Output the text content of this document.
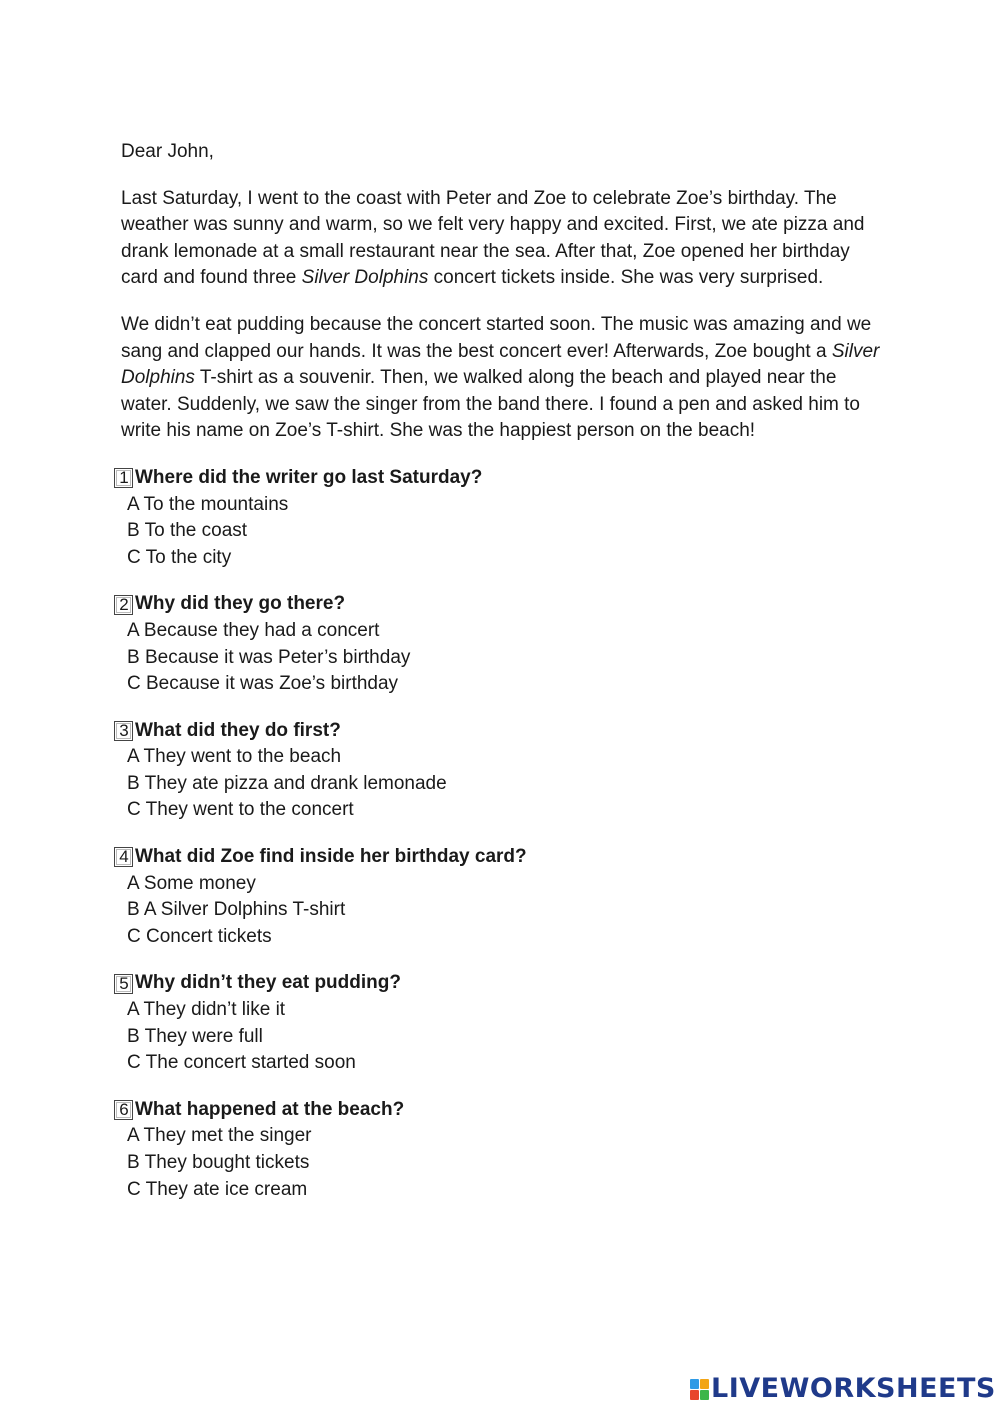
Dear John,

Last Saturday, I went to the coast with Peter and Zoe to celebrate Zoe’s birthday. The weather was sunny and warm, so we felt very happy and excited. First, we ate pizza and drank lemonade at a small restaurant near the sea. After that, Zoe opened her birthday card and found three Silver Dolphins concert tickets inside. She was very surprised.

We didn’t eat pudding because the concert started soon. The music was amazing and we sang and clapped our hands. It was the best concert ever! Afterwards, Zoe bought a Silver Dolphins T-shirt as a souvenir. Then, we walked along the beach and played near the water. Suddenly, we saw the singer from the band there. I found a pen and asked him to write his name on Zoe’s T-shirt. She was the happiest person on the beach!

1 Where did the writer go last Saturday?
A To the mountains
B To the coast
C To the city
2 Why did they go there?
A Because they had a concert
B Because it was Peter’s birthday
C Because it was Zoe’s birthday
3 What did they do first?
A They went to the beach
B They ate pizza and drank lemonade
C They went to the concert
4 What did Zoe find inside her birthday card?
A Some money
B A Silver Dolphins T-shirt
C Concert tickets
5 Why didn’t they eat pudding?
A They didn’t like it
B They were full
C The concert started soon
6 What happened at the beach?
A They met the singer
B They bought tickets
C They ate ice cream
LIVEWORKSHEETS
